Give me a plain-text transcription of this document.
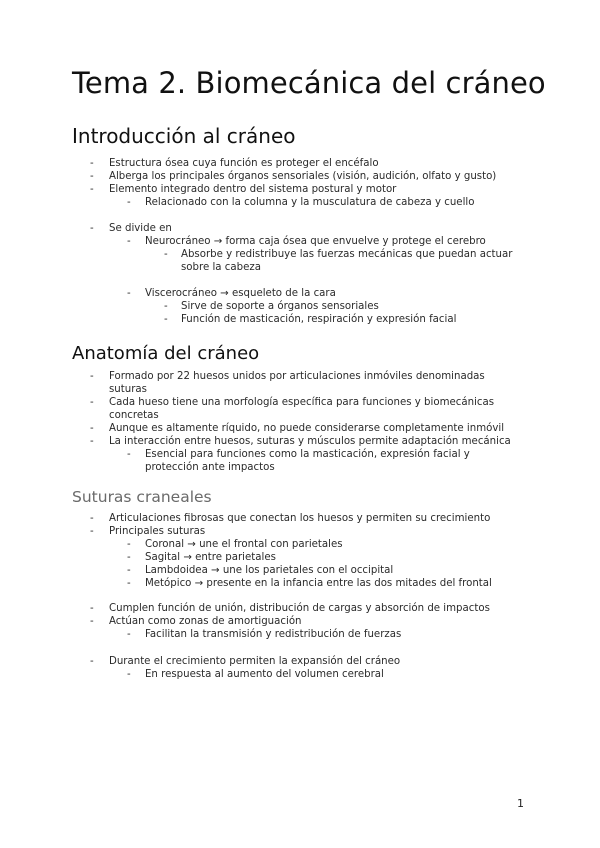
Tema 2. Biomecánica del cráneo
Introducción al cráneo
- Estructura ósea cuya función es proteger el encéfalo
- Alberga los principales órganos sensoriales (visión, audición, olfato y gusto)
- Elemento integrado dentro del sistema postural y motor
- Relacionado con la columna y la musculatura de cabeza y cuello
- Se divide en
- Neurocráneo → forma caja ósea que envuelve y protege el cerebro
- Absorbe y redistribuye las fuerzas mecánicas que puedan actuar sobre la cabeza
- Viscerocráneo → esqueleto de la cara
- Sirve de soporte a órganos sensoriales
- Función de masticación, respiración y expresión facial
Anatomía del cráneo
- Formado por 22 huesos unidos por articulaciones inmóviles denominadas suturas
- Cada hueso tiene una morfología específica para funciones y biomecánicas concretas
- Aunque es altamente ríquido, no puede considerarse completamente inmóvil
- La interacción entre huesos, suturas y músculos permite adaptación mecánica
- Esencial para funciones como la masticación, expresión facial y protección ante impactos
Suturas craneales
- Articulaciones fibrosas que conectan los huesos y permiten su crecimiento
- Principales suturas
- Coronal → une el frontal con parietales
- Sagital → entre parietales
- Lambdoidea → une los parietales con el occipital
- Metópico → presente en la infancia entre las dos mitades del frontal
- Cumplen función de unión, distribución de cargas y absorción de impactos
- Actúan como zonas de amortiguación
- Facilitan la transmisión y redistribución de fuerzas
- Durante el crecimiento permiten la expansión del cráneo
- En respuesta al aumento del volumen cerebral
1
